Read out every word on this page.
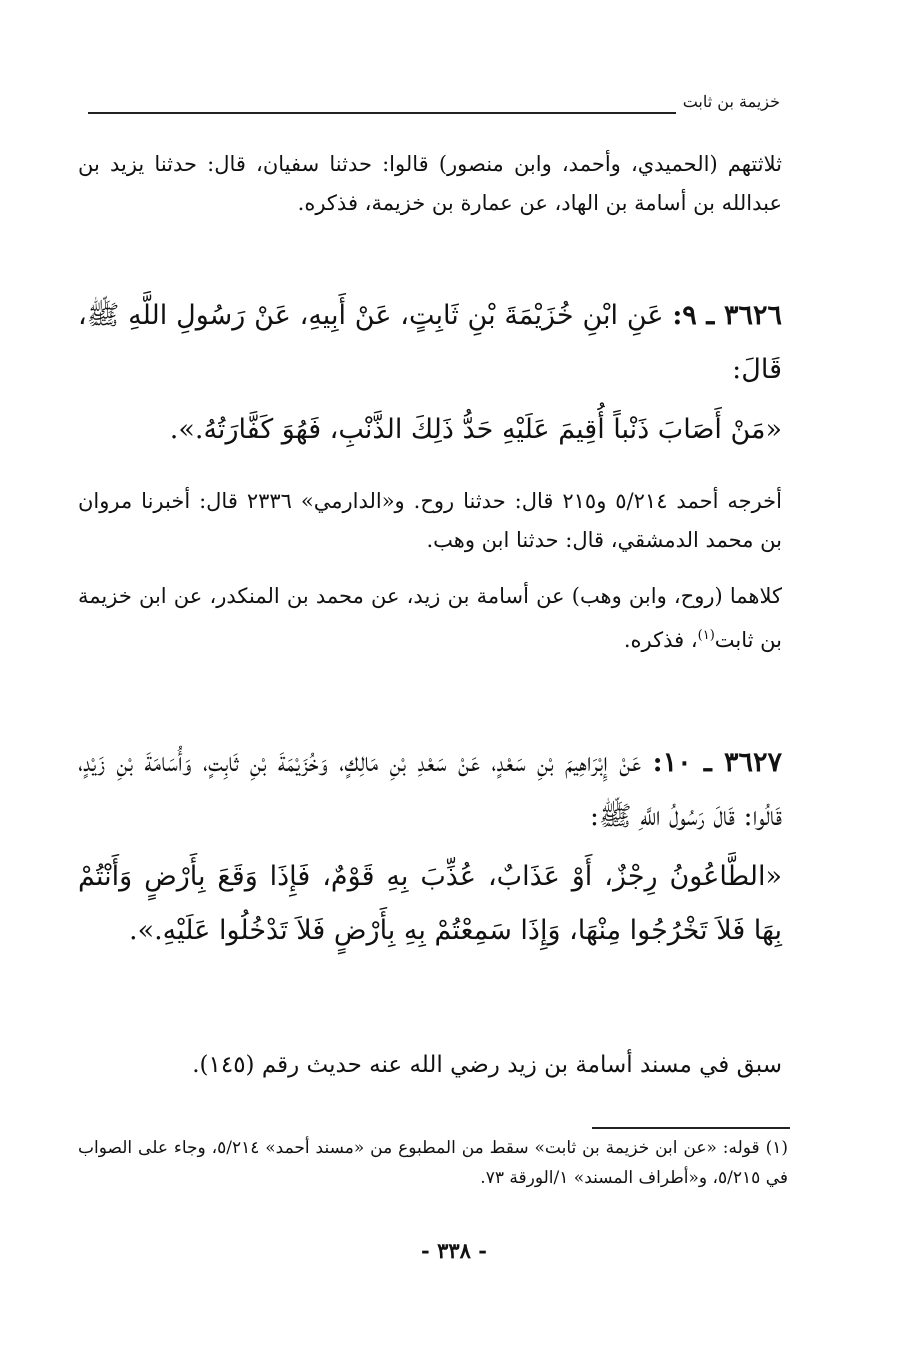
خزيمة بن ثابت

ثلاثتهم (الحميدي، وأحمد، وابن منصور) قالوا: حدثنا سفيان، قال: حدثنا يزيد بن عبدالله بن أسامة بن الهاد، عن عمارة بن خزيمة، فذكره.

٣٦٢٦ ـ ٩: عَنِ ابْنِ خُزَيْمَةَ بْنِ ثَابِتٍ، عَنْ أَبِيهِ، عَنْ رَسُولِ اللَّهِ ﷺ، قَالَ:

«مَنْ أَصَابَ ذَنْباً أُقِيمَ عَلَيْهِ حَدُّ ذَلِكَ الذَّنْبِ، فَهُوَ كَفَّارَتُهُ.».

أخرجه أحمد ٥/٢١٤ و٢١٥ قال: حدثنا روح. و«الدارمي» ٢٣٣٦ قال: أخبرنا مروان بن محمد الدمشقي، قال: حدثنا ابن وهب.

كلاهما (روح، وابن وهب) عن أسامة بن زيد، عن محمد بن المنكدر، عن ابن خزيمة بن ثابت$^{(١)}$، فذكره.

٣٦٢٧ ـ ١٠: عَنْ إِبْرَاهِيمَ بْنِ سَعْدٍ، عَنْ سَعْدِ بْنِ مَالِكٍ، وَخُزَيْمَةَ بْنِ ثَابِتٍ، وَأُسَامَةَ بْنِ زَيْدٍ، قَالُوا: قَالَ رَسُولُ اللَّهِ ﷺ:

«الطَّاعُونُ رِجْزٌ، أَوْ عَذَابٌ، عُذِّبَ بِهِ قَوْمٌ، فَإِذَا وَقَعَ بِأَرْضٍ وَأَنْتُمْ بِهَا فَلاَ تَخْرُجُوا مِنْهَا، وَإِذَا سَمِعْتُمْ بِهِ بِأَرْضٍ فَلاَ تَدْخُلُوا عَلَيْهِ.».

سبق في مسند أسامة بن زيد رضي الله عنه حديث رقم (١٤٥).

(١) قوله: «عن ابن خزيمة بن ثابت» سقط من المطبوع من «مسند أحمد» ٥/٢١٤، وجاء على الصواب في ٥/٢١٥، و«أطراف المسند» ١/الورقة ٧٣.

- ٣٣٨ -
